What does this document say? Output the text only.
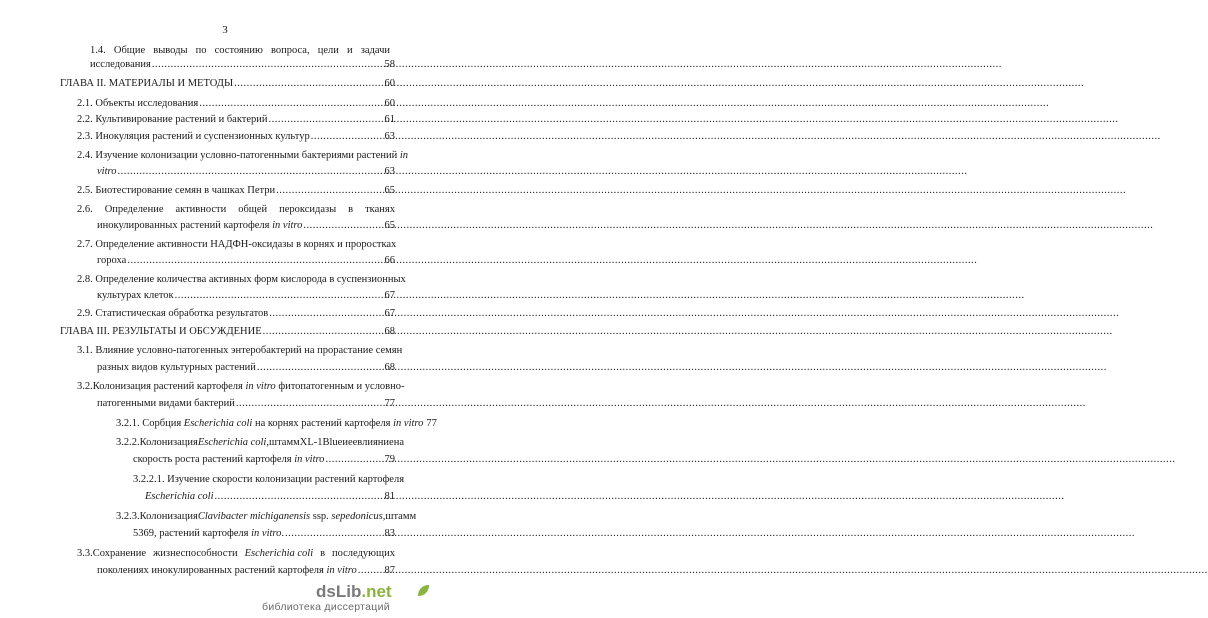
3
1.4. Общие выводы по состоянию вопроса, цели и задачи
исследования .....	58
ГЛАВА II. МАТЕРИАЛЫ И МЕТОДЫ .....	60
2.1. Объекты исследования .....	60
2.2. Культивирование растений и бактерий .....	61
2.3. Инокуляция растений и суспензионных культур .....	63
2.4. Изучение колонизации условно-патогенными бактериями растений in
vitro .....	63
2.5. Биотестирование семян в чашках Петри .....	65
2.6. Определение активности общей пероксидазы в тканях
инокулированных растений картофеля in vitro .....	65
2.7. Определение активности НАДФН-оксидазы в корнях и проростках
гороха .....	66
2.8. Определение количества активных форм кислорода в суспензионных
культурах клеток .....	67
2.9. Статистическая обработка результатов .....	67
ГЛАВА III. РЕЗУЛЬТАТЫ И ОБСУЖДЕНИЕ .....	68
3.1. Влияние условно-патогенных энтеробактерий на прорастание семян
разных видов культурных растений .....	68
3.2.Колонизация растений картофеля in vitro фитопатогенным и условно-
патогенными видами бактерий .....	77
3.2.1. Сорбция Escherichia coli на корнях растений картофеля in vitro 77
3.2.2. Колонизация Escherichia coli, штамм XL-1Blue и ее влияние на
скорость роста растений картофеля in vitro .....	79
3.2.2.1. Изучение скорости колонизации растений картофеля
Escherichia coli .....	81
3.2.3. Колонизация Clavibacter michiganensis ssp. sepedonicus, штамм
5369, растений картофеля in vitro. .....	83
3.3.Сохранение жизнеспособности Escherichia coli в последующих
поколениях инокулированных растений картофеля in vitro .....	87
dsLib.net
библиотека диссертаций
